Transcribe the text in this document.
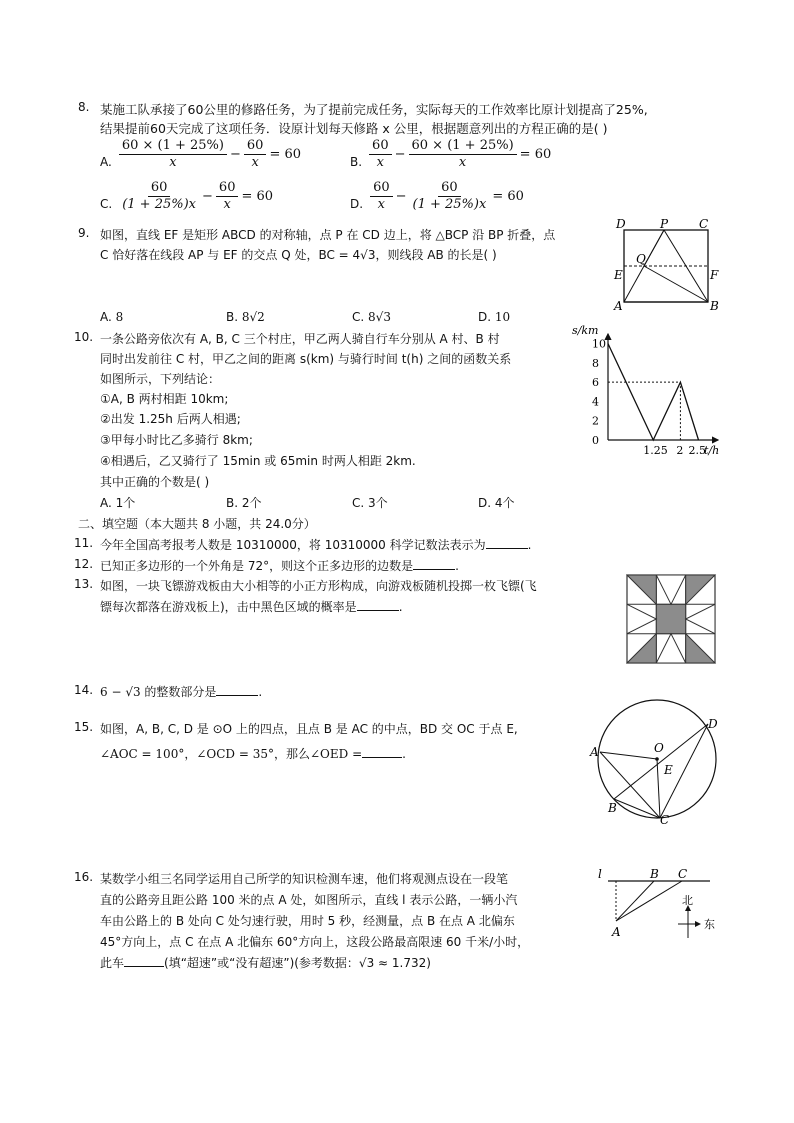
8. 某施工队承接了60公里的修路任务，为了提前完成任务，实际每天的工作效率比原计划提高了25%,
结果提前60天完成了这项任务．设原计划每天修路 x 公里，根据题意列出的方程正确的是( )
A. $\frac{60 \times (1 + 25\%)}{x} - \frac{60}{x} = 60$	B. $\frac{60}{x} - \frac{60 \times (1 + 25\%)}{x} = 60$
C. $\frac{60}{(1 + 25\%)x} - \frac{60}{x} = 60$	D. $\frac{60}{x} - \frac{60}{(1 + 25\%)x} = 60$
9. 如图，直线 EF 是矩形 ABCD 的对称轴，点 P 在 CD 边上，将 △BCP 沿 BP 折叠，点
C 恰好落在线段 AP 与 EF 的交点 Q 处，BC = 4√3，则线段 AB 的长是( )
A. 8	B. 8√2	C. 8√3	D. 10
D	P	C
Q
E	F
A	B
10. 一条公路旁依次有 A, B, C 三个村庄，甲乙两人骑自行车分别从 A 村、B 村
同时出发前往 C 村，甲乙之间的距离 s(km) 与骑行时间 t(h) 之间的函数关系
如图所示，下列结论：
①A, B 两村相距 10km;
②出发 1.25h 后两人相遇;
③甲每小时比乙多骑行 8km;
④相遇后，乙又骑行了 15min 或 65min 时两人相距 2km.
其中正确的个数是( )
A. 1个	B. 2个	C. 3个	D. 4个
s/km
t/h
0
2
4
6
8
10
1.25 2 2.5
二、填空题（本大题共 8 小题，共 24.0分）
11. 今年全国高考报考人数是 10310000，将 10310000 科学记数法表示为	.
12. 已知正多边形的一个外角是 72°，则这个正多边形的边数是	.
13. 如图，一块飞镖游戏板由大小相等的小正方形构成，向游戏板随机投掷一枚飞镖(飞
镖每次都落在游戏板上)，击中黑色区域的概率是	.
14. 6 − √3 的整数部分是	.
15. 如图，A, B, C, D 是 ⊙O 上的四点，且点 B 是 AC 的中点，BD 交 OC 于点 E,
∠AOC = 100°，∠OCD = 35°，那么∠OED =	.	A	O
D
E
B
C
16. 某数学小组三名同学运用自己所学的知识检测车速，他们将观测点设在一段笔
直的公路旁且距公路 100 米的点 A 处，如图所示，直线 l 表示公路，一辆小汽
车由公路上的 B 处向 C 处匀速行驶，用时 5 秒，经测量，点 B 在点 A 北偏东
45°方向上，点 C 在点 A 北偏东 60°方向上，这段公路最高限速 60 千米/小时，
此车	(填“超速”或“没有超速”)(参考数据：√3 ≈ 1.732)
l	B C
A
北
东
